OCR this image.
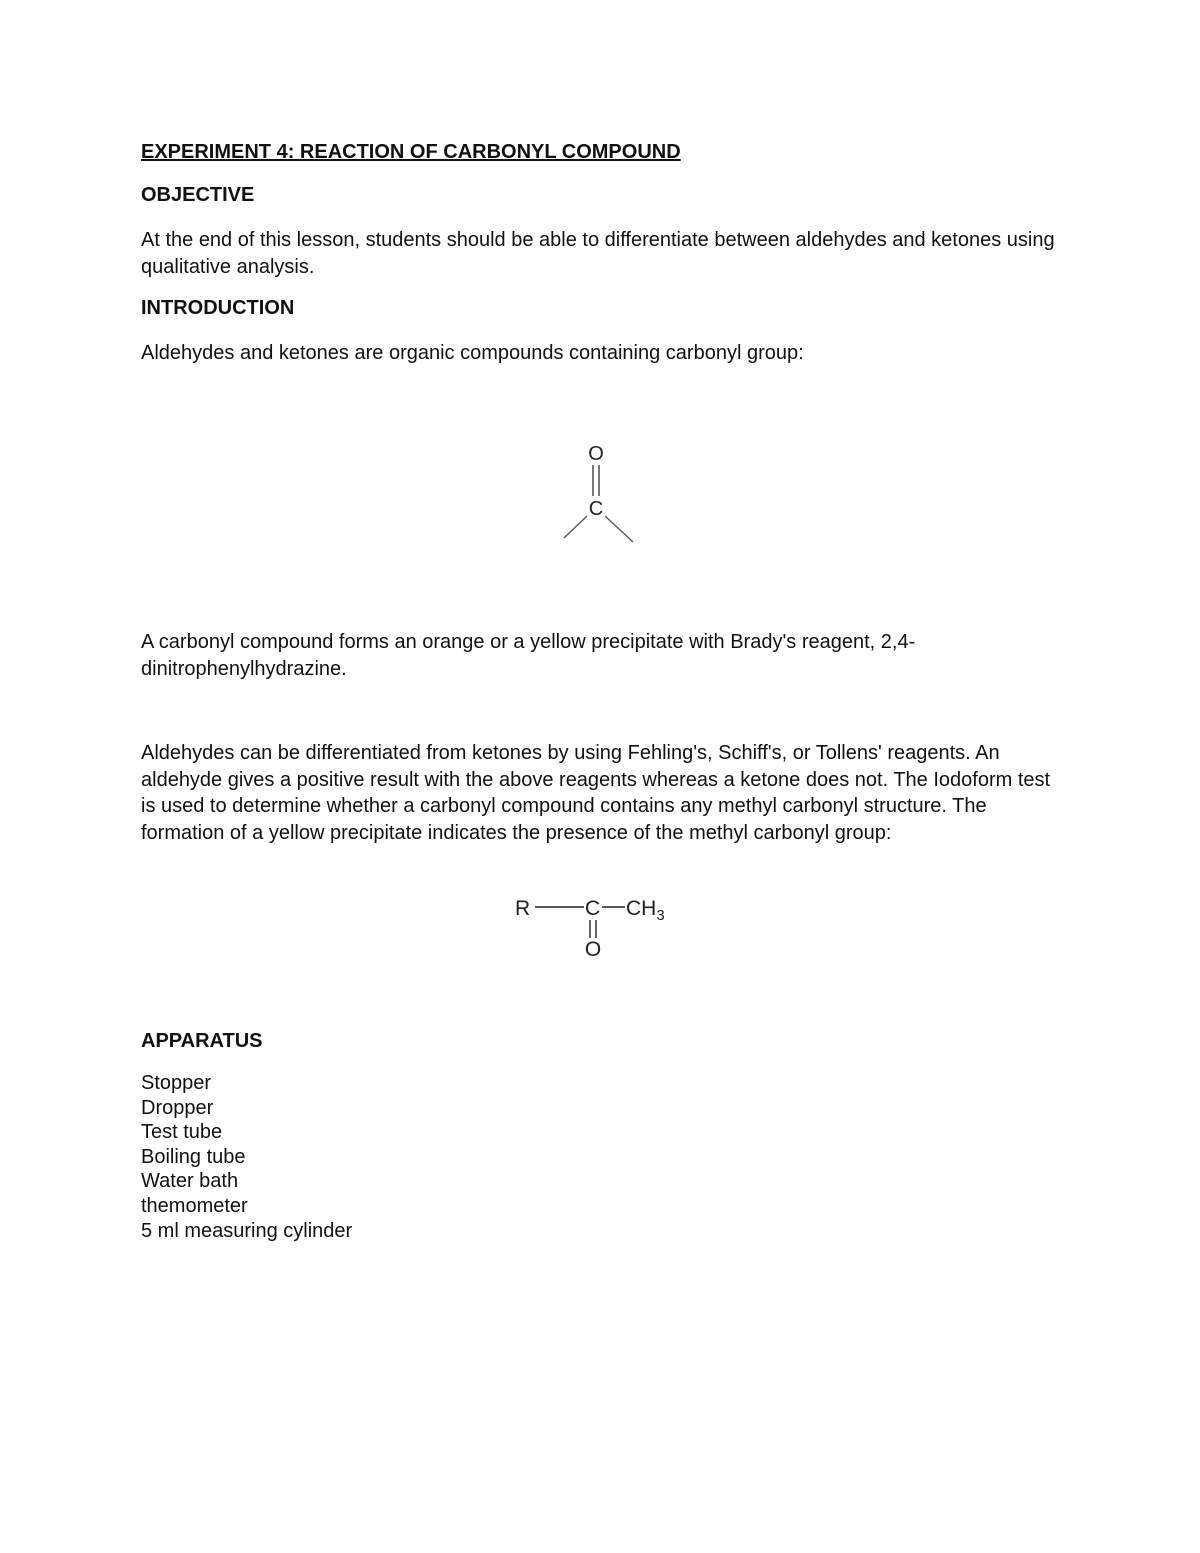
EXPERIMENT 4: REACTION OF CARBONYL COMPOUND
OBJECTIVE
At the end of this lesson, students should be able to differentiate between aldehydes and ketones using qualitative analysis.
INTRODUCTION
Aldehydes and ketones are organic compounds containing carbonyl group:
O
C
A carbonyl compound forms an orange or a yellow precipitate with Brady's reagent, 2,4-dinitrophenylhydrazine.
Aldehydes can be differentiated from ketones by using Fehling's, Schiff's, or Tollens' reagents. An aldehyde gives a positive result with the above reagents whereas a ketone does not. The Iodoform test is used to determine whether a carbonyl compound contains any methyl carbonyl structure. The formation of a yellow precipitate indicates the presence of the methyl carbonyl group:
R	C $CH_3$
O
APPARATUS
Stopper
Dropper
Test tube
Boiling tube
Water bath
themometer
5 ml measuring cylinder
